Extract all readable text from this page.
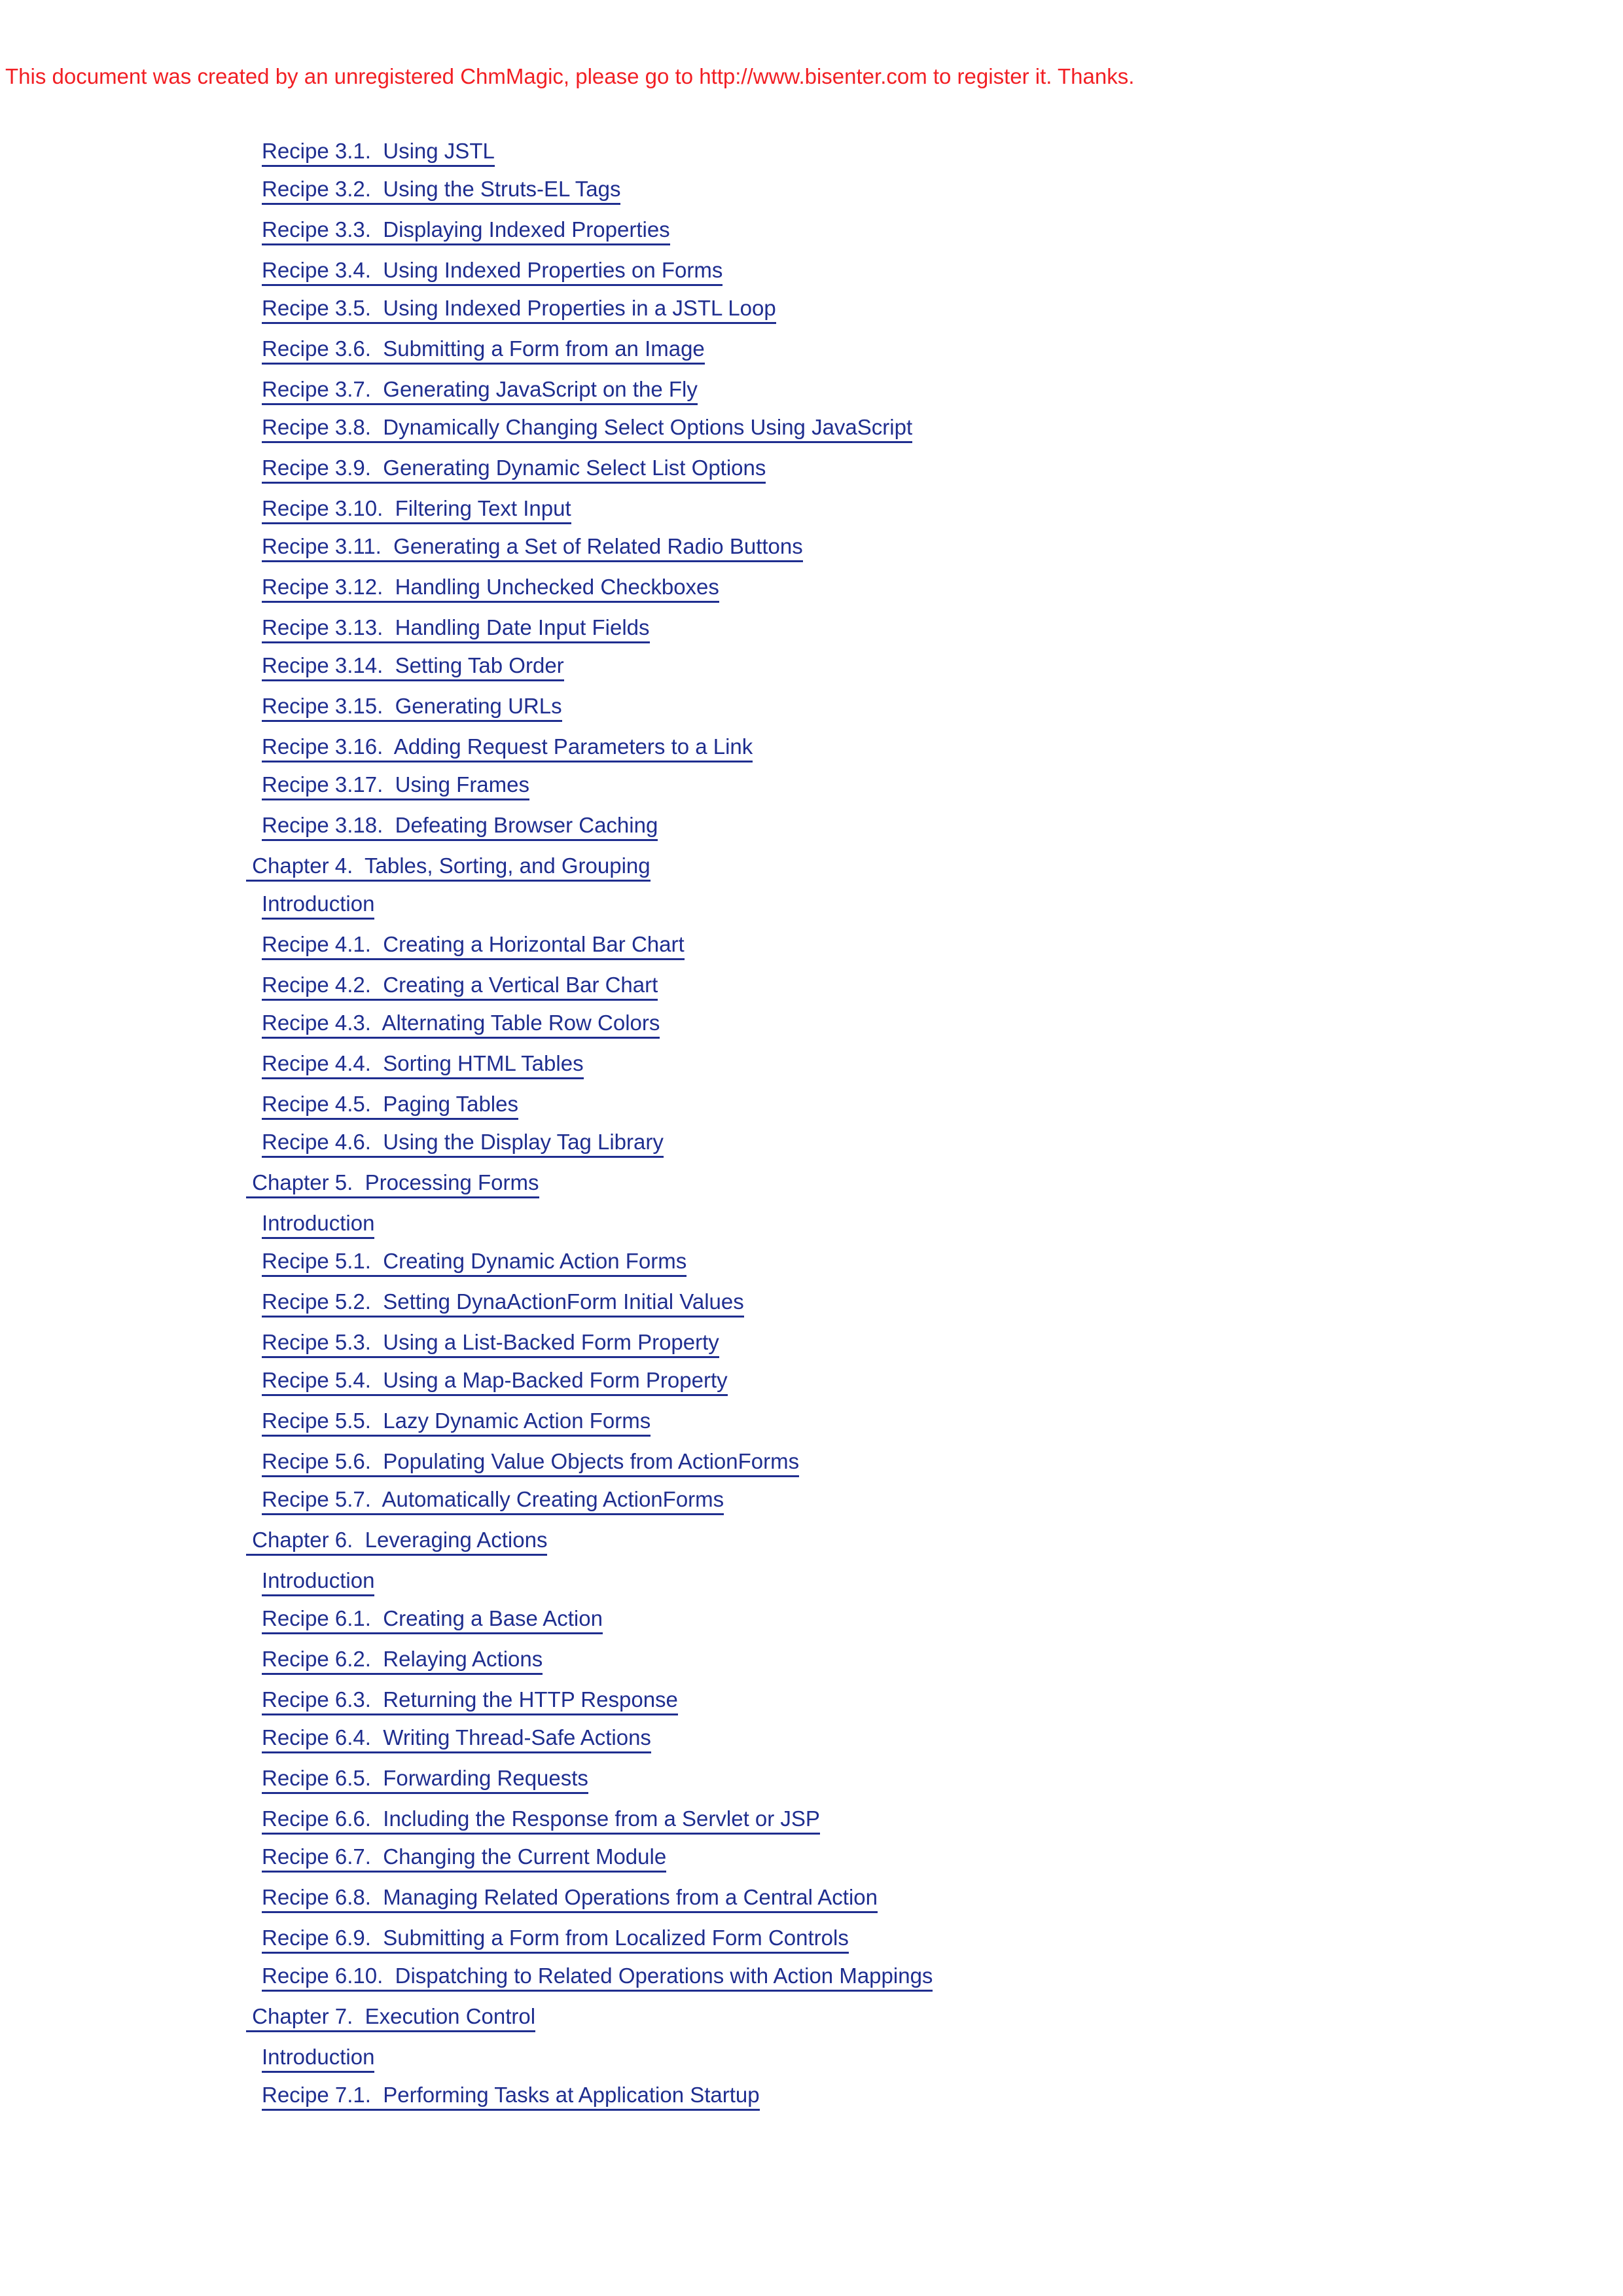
This document was created by an unregistered ChmMagic, please go to http://www.bisenter.com to register it. Thanks.

Recipe 3.1.  Using JSTL
Recipe 3.2.  Using the Struts-EL Tags
Recipe 3.3.  Displaying Indexed Properties
Recipe 3.4.  Using Indexed Properties on Forms
Recipe 3.5.  Using Indexed Properties in a JSTL Loop
Recipe 3.6.  Submitting a Form from an Image
Recipe 3.7.  Generating JavaScript on the Fly
Recipe 3.8.  Dynamically Changing Select Options Using JavaScript
Recipe 3.9.  Generating Dynamic Select List Options
Recipe 3.10.  Filtering Text Input
Recipe 3.11.  Generating a Set of Related Radio Buttons
Recipe 3.12.  Handling Unchecked Checkboxes
Recipe 3.13.  Handling Date Input Fields
Recipe 3.14.  Setting Tab Order
Recipe 3.15.  Generating URLs
Recipe 3.16.  Adding Request Parameters to a Link
Recipe 3.17.  Using Frames
Recipe 3.18.  Defeating Browser Caching
Chapter 4.  Tables, Sorting, and Grouping
Introduction
Recipe 4.1.  Creating a Horizontal Bar Chart
Recipe 4.2.  Creating a Vertical Bar Chart
Recipe 4.3.  Alternating Table Row Colors
Recipe 4.4.  Sorting HTML Tables
Recipe 4.5.  Paging Tables
Recipe 4.6.  Using the Display Tag Library
Chapter 5.  Processing Forms
Introduction
Recipe 5.1.  Creating Dynamic Action Forms
Recipe 5.2.  Setting DynaActionForm Initial Values
Recipe 5.3.  Using a List-Backed Form Property
Recipe 5.4.  Using a Map-Backed Form Property
Recipe 5.5.  Lazy Dynamic Action Forms
Recipe 5.6.  Populating Value Objects from ActionForms
Recipe 5.7.  Automatically Creating ActionForms
Chapter 6.  Leveraging Actions
Introduction
Recipe 6.1.  Creating a Base Action
Recipe 6.2.  Relaying Actions
Recipe 6.3.  Returning the HTTP Response
Recipe 6.4.  Writing Thread-Safe Actions
Recipe 6.5.  Forwarding Requests
Recipe 6.6.  Including the Response from a Servlet or JSP
Recipe 6.7.  Changing the Current Module
Recipe 6.8.  Managing Related Operations from a Central Action
Recipe 6.9.  Submitting a Form from Localized Form Controls
Recipe 6.10.  Dispatching to Related Operations with Action Mappings
Chapter 7.  Execution Control
Introduction
Recipe 7.1.  Performing Tasks at Application Startup
